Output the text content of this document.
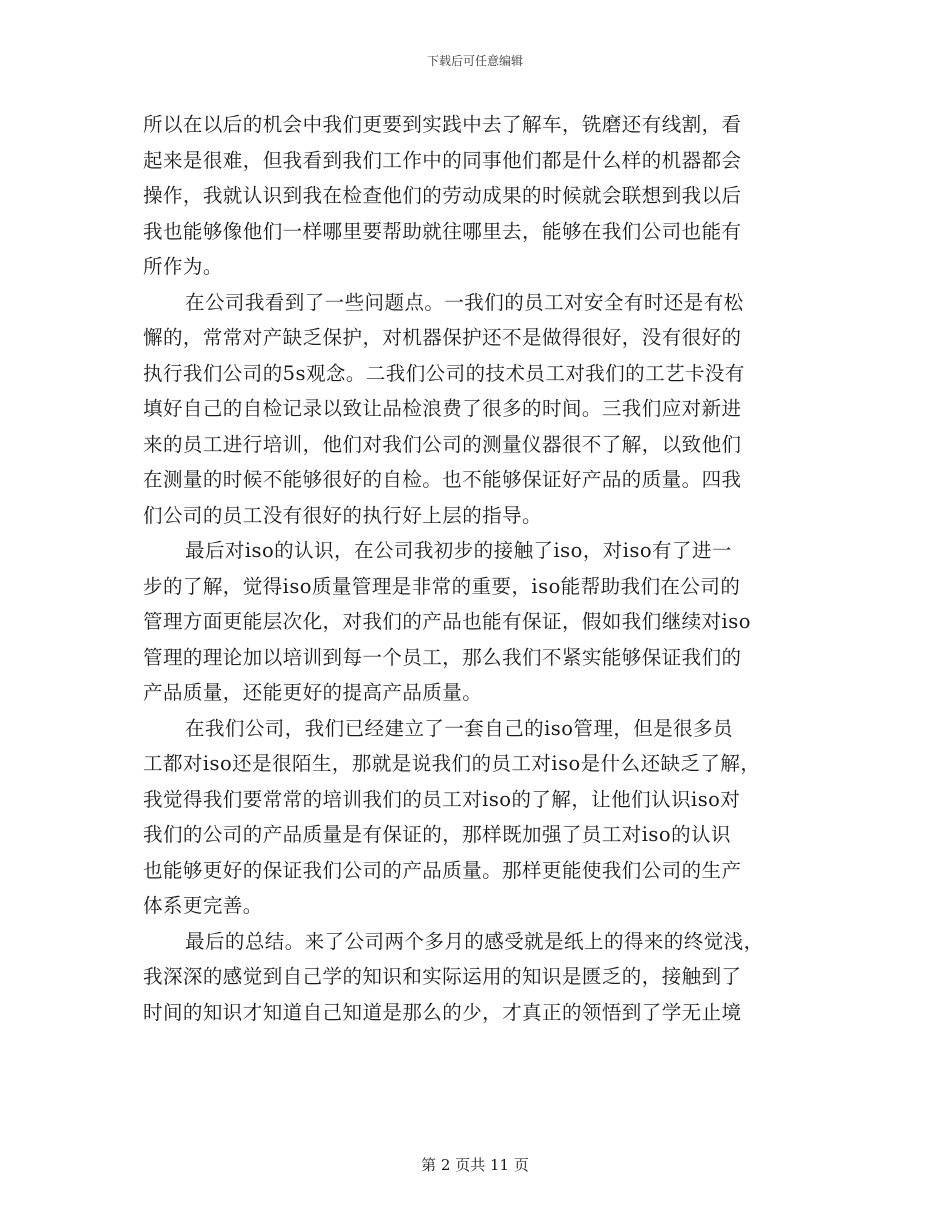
下载后可任意编辑
所以在以后的机会中我们更要到实践中去了解车，铣磨还有线割，看
起来是很难，但我看到我们工作中的同事他们都是什么样的机器都会
操作，我就认识到我在检查他们的劳动成果的时候就会联想到我以后
我也能够像他们一样哪里要帮助就往哪里去，能够在我们公司也能有
所作为。
在公司我看到了一些问题点。一我们的员工对安全有时还是有松
懈的，常常对产缺乏保护，对机器保护还不是做得很好，没有很好的
执行我们公司的5s观念。二我们公司的技术员工对我们的工艺卡没有
填好自己的自检记录以致让品检浪费了很多的时间。三我们应对新进
来的员工进行培训，他们对我们公司的测量仪器很不了解，以致他们
在测量的时候不能够很好的自检。也不能够保证好产品的质量。四我
们公司的员工没有很好的执行好上层的指导。
最后对iso的认识，在公司我初步的接触了iso，对iso有了进一
步的了解，觉得iso质量管理是非常的重要，iso能帮助我们在公司的
管理方面更能层次化，对我们的产品也能有保证，假如我们继续对iso
管理的理论加以培训到每一个员工，那么我们不紧实能够保证我们的
产品质量，还能更好的提高产品质量。
在我们公司，我们已经建立了一套自己的iso管理，但是很多员
工都对iso还是很陌生，那就是说我们的员工对iso是什么还缺乏了解，
我觉得我们要常常的培训我们的员工对iso的了解，让他们认识iso对
我们的公司的产品质量是有保证的，那样既加强了员工对iso的认识
也能够更好的保证我们公司的产品质量。那样更能使我们公司的生产
体系更完善。
最后的总结。来了公司两个多月的感受就是纸上的得来的终觉浅，
我深深的感觉到自己学的知识和实际运用的知识是匮乏的，接触到了
时间的知识才知道自己知道是那么的少，才真正的领悟到了学无止境
第 2 页共 11 页
